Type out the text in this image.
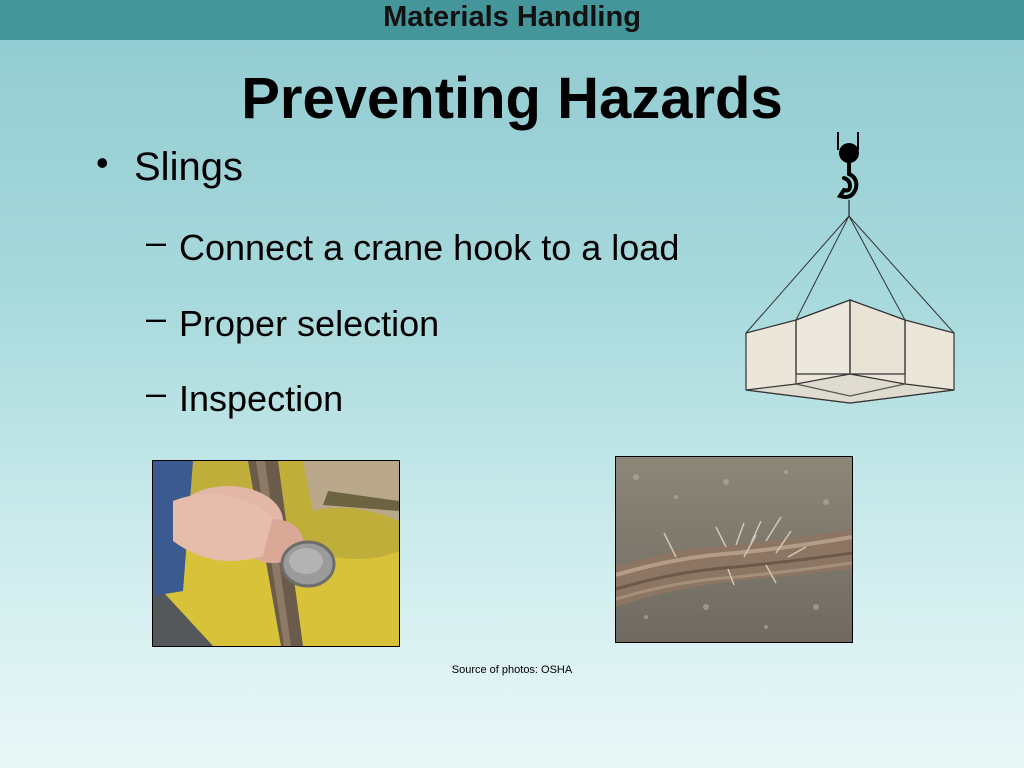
Materials Handling
Preventing Hazards
• Slings
– Connect a crane hook to a load
– Proper selection
– Inspection
Source of photos: OSHA
